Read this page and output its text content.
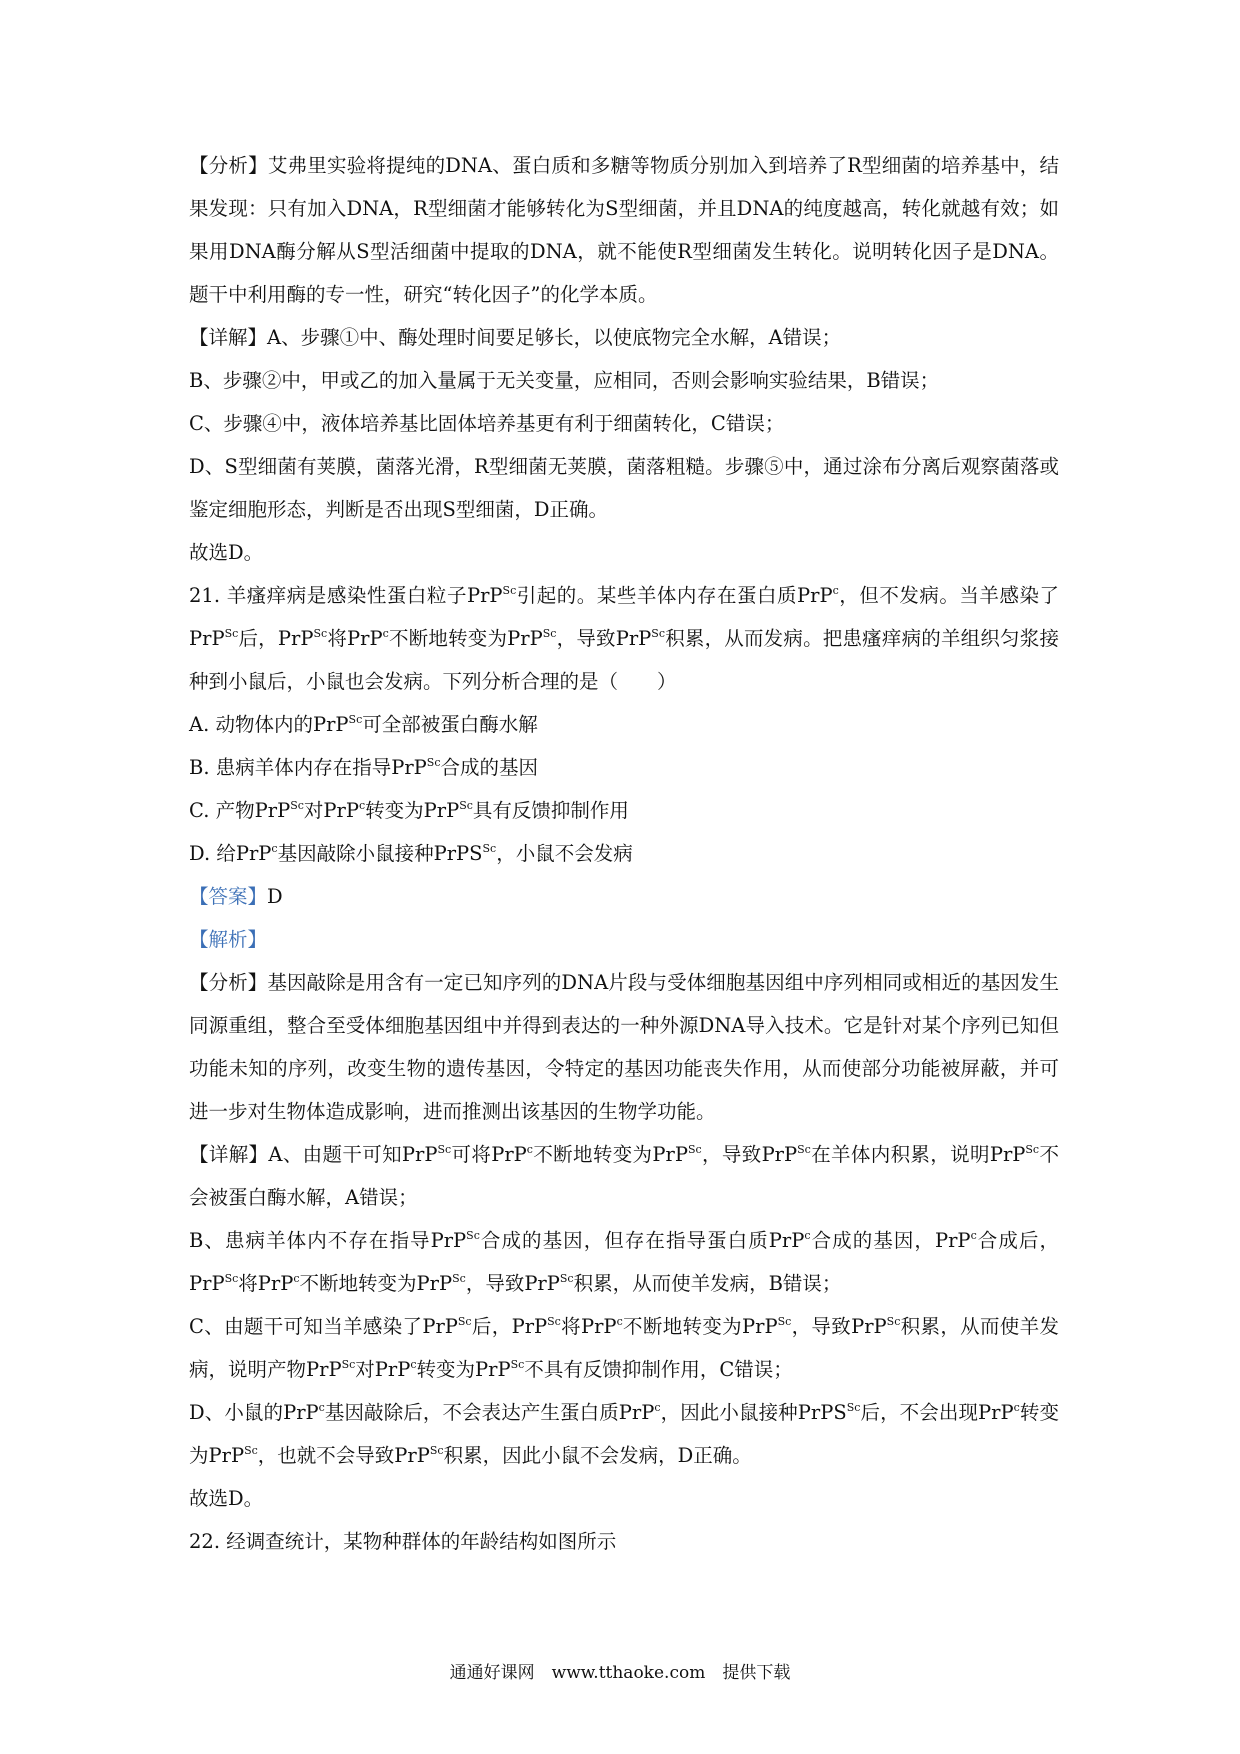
【分析】艾弗里实验将提纯的DNA、蛋白质和多糖等物质分别加入到培养了R型细菌的培养基中，结果发现：只有加入DNA，R型细菌才能够转化为S型细菌，并且DNA的纯度越高，转化就越有效；如果用DNA酶分解从S型活细菌中提取的DNA，就不能使R型细菌发生转化。说明转化因子是DNA。题干中利用酶的专一性，研究“转化因子”的化学本质。

【详解】A、步骤①中、酶处理时间要足够长，以使底物完全水解，A错误；

B、步骤②中，甲或乙的加入量属于无关变量，应相同，否则会影响实验结果，B错误；

C、步骤④中，液体培养基比固体培养基更有利于细菌转化，C错误；

D、S型细菌有荚膜，菌落光滑，R型细菌无荚膜，菌落粗糙。步骤⑤中，通过涂布分离后观察菌落或鉴定细胞形态，判断是否出现S型细菌，D正确。

故选D。

21. 羊瘙痒病是感染性蛋白粒子PrP$^{Sc}$引起的。某些羊体内存在蛋白质PrP$^c$，但不发病。当羊感染了PrP$^{Sc}$后，PrP$^{Sc}$将PrP$^c$不断地转变为PrP$^{Sc}$，导致PrP$^{Sc}$积累，从而发病。把患瘙痒病的羊组织匀浆接种到小鼠后，小鼠也会发病。下列分析合理的是（　　）

A. 动物体内的PrP$^{Sc}$可全部被蛋白酶水解

B. 患病羊体内存在指导PrP$^{Sc}$合成的基因

C. 产物PrP$^{Sc}$对PrP$^c$转变为PrP$^{Sc}$具有反馈抑制作用

D. 给PrP$^c$基因敲除小鼠接种PrPS$^{Sc}$，小鼠不会发病

【答案】D

【解析】

【分析】基因敲除是用含有一定已知序列的DNA片段与受体细胞基因组中序列相同或相近的基因发生同源重组，整合至受体细胞基因组中并得到表达的一种外源DNA导入技术。它是针对某个序列已知但功能未知的序列，改变生物的遗传基因，令特定的基因功能丧失作用，从而使部分功能被屏蔽，并可进一步对生物体造成影响，进而推测出该基因的生物学功能。

【详解】A、由题干可知PrP$^{Sc}$可将PrP$^c$不断地转变为PrP$^{Sc}$，导致PrP$^{Sc}$在羊体内积累，说明PrP$^{Sc}$不会被蛋白酶水解，A错误；

B、患病羊体内不存在指导PrP$^{Sc}$合成的基因，但存在指导蛋白质PrP$^c$合成的基因，PrP$^c$合成后，PrP$^{Sc}$将PrP$^c$不断地转变为PrP$^{Sc}$，导致PrP$^{Sc}$积累，从而使羊发病，B错误；

C、由题干可知当羊感染了PrP$^{Sc}$后，PrP$^{Sc}$将PrP$^c$不断地转变为PrP$^{Sc}$，导致PrP$^{Sc}$积累，从而使羊发病，说明产物PrP$^{Sc}$对PrP$^c$转变为PrP$^{Sc}$不具有反馈抑制作用，C错误；

D、小鼠的PrP$^c$基因敲除后，不会表达产生蛋白质PrP$^c$，因此小鼠接种PrPS$^{Sc}$后，不会出现PrP$^c$转变为PrP$^{Sc}$，也就不会导致PrP$^{Sc}$积累，因此小鼠不会发病，D正确。

故选D。

22. 经调查统计，某物种群体的年龄结构如图所示

通通好课网　www.tthaoke.com　提供下载
